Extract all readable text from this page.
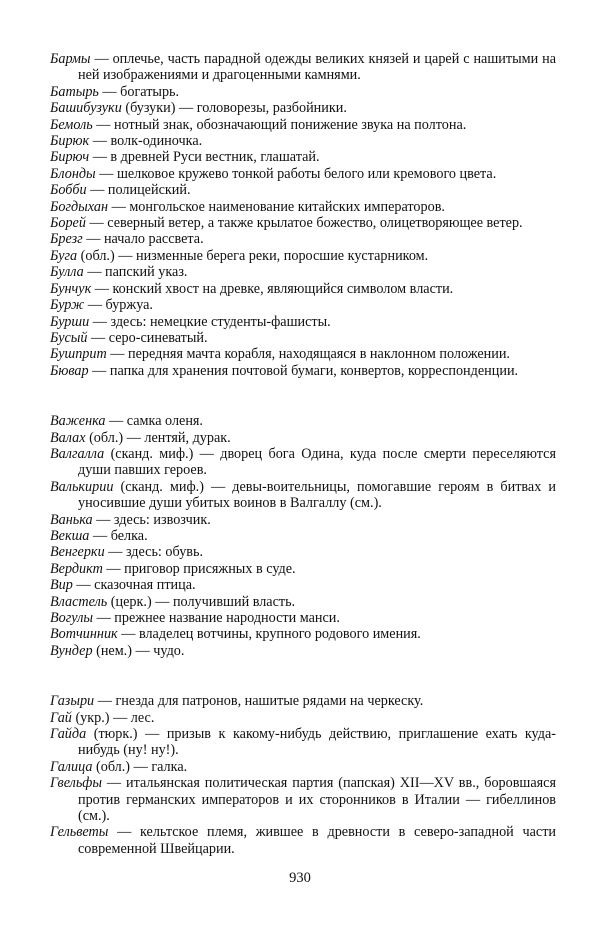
Бармы — оплечье, часть парадной одежды великих князей и царей с нашитыми на ней изображениями и драгоценными камнями.

Батырь — богатырь.

Башибузуки (бузуки) — головорезы, разбойники.

Бемоль — нотный знак, обозначающий понижение звука на полтона.

Бирюк — волк-одиночка.

Бирюч — в древней Руси вестник, глашатай.

Блонды — шелковое кружево тонкой работы белого или кремового цвета.

Бобби — полицейский.

Богдыхан — монгольское наименование китайских императоров.

Борей — северный ветер, а также крылатое божество, олицетворяющее ветер.

Брезг — начало рассвета.

Буга (обл.) — низменные берега реки, поросшие кустарником.

Булла — папский указ.

Бунчук — конский хвост на древке, являющийся символом власти.

Бурж — буржуа.

Бурши — здесь: немецкие студенты-фашисты.

Бусый — серо-синеватый.

Бушприт — передняя мачта корабля, находящаяся в наклонном положении.

Бювар — папка для хранения почтовой бумаги, конвертов, корреспонденции.

Важенка — самка оленя.

Валах (обл.) — лентяй, дурак.

Валгалла (сканд. миф.) — дворец бога Одина, куда после смерти переселяются души павших героев.

Валькирии (сканд. миф.) — девы-воительницы, помогавшие героям в битвах и уносившие души убитых воинов в Валгаллу (см.).

Ванька — здесь: извозчик.

Векша — белка.

Венгерки — здесь: обувь.

Вердикт — приговор присяжных в суде.

Вир — сказочная птица.

Властель (церк.) — получивший власть.

Вогулы — прежнее название народности манси.

Вотчинник — владелец вотчины, крупного родового имения.

Вундер (нем.) — чудо.

Газыри — гнезда для патронов, нашитые рядами на черкеску.

Гай (укр.) — лес.

Гайда (тюрк.) — призыв к какому-нибудь действию, приглашение ехать куда-нибудь (ну! ну!).

Галица (обл.) — галка.

Гвельфы — итальянская политическая партия (папская) XII—XV вв., боровшаяся против германских императоров и их сторонников в Италии — гибеллинов (см.).

Гельветы — кельтское племя, жившее в древности в северо-западной части современной Швейцарии.

930
